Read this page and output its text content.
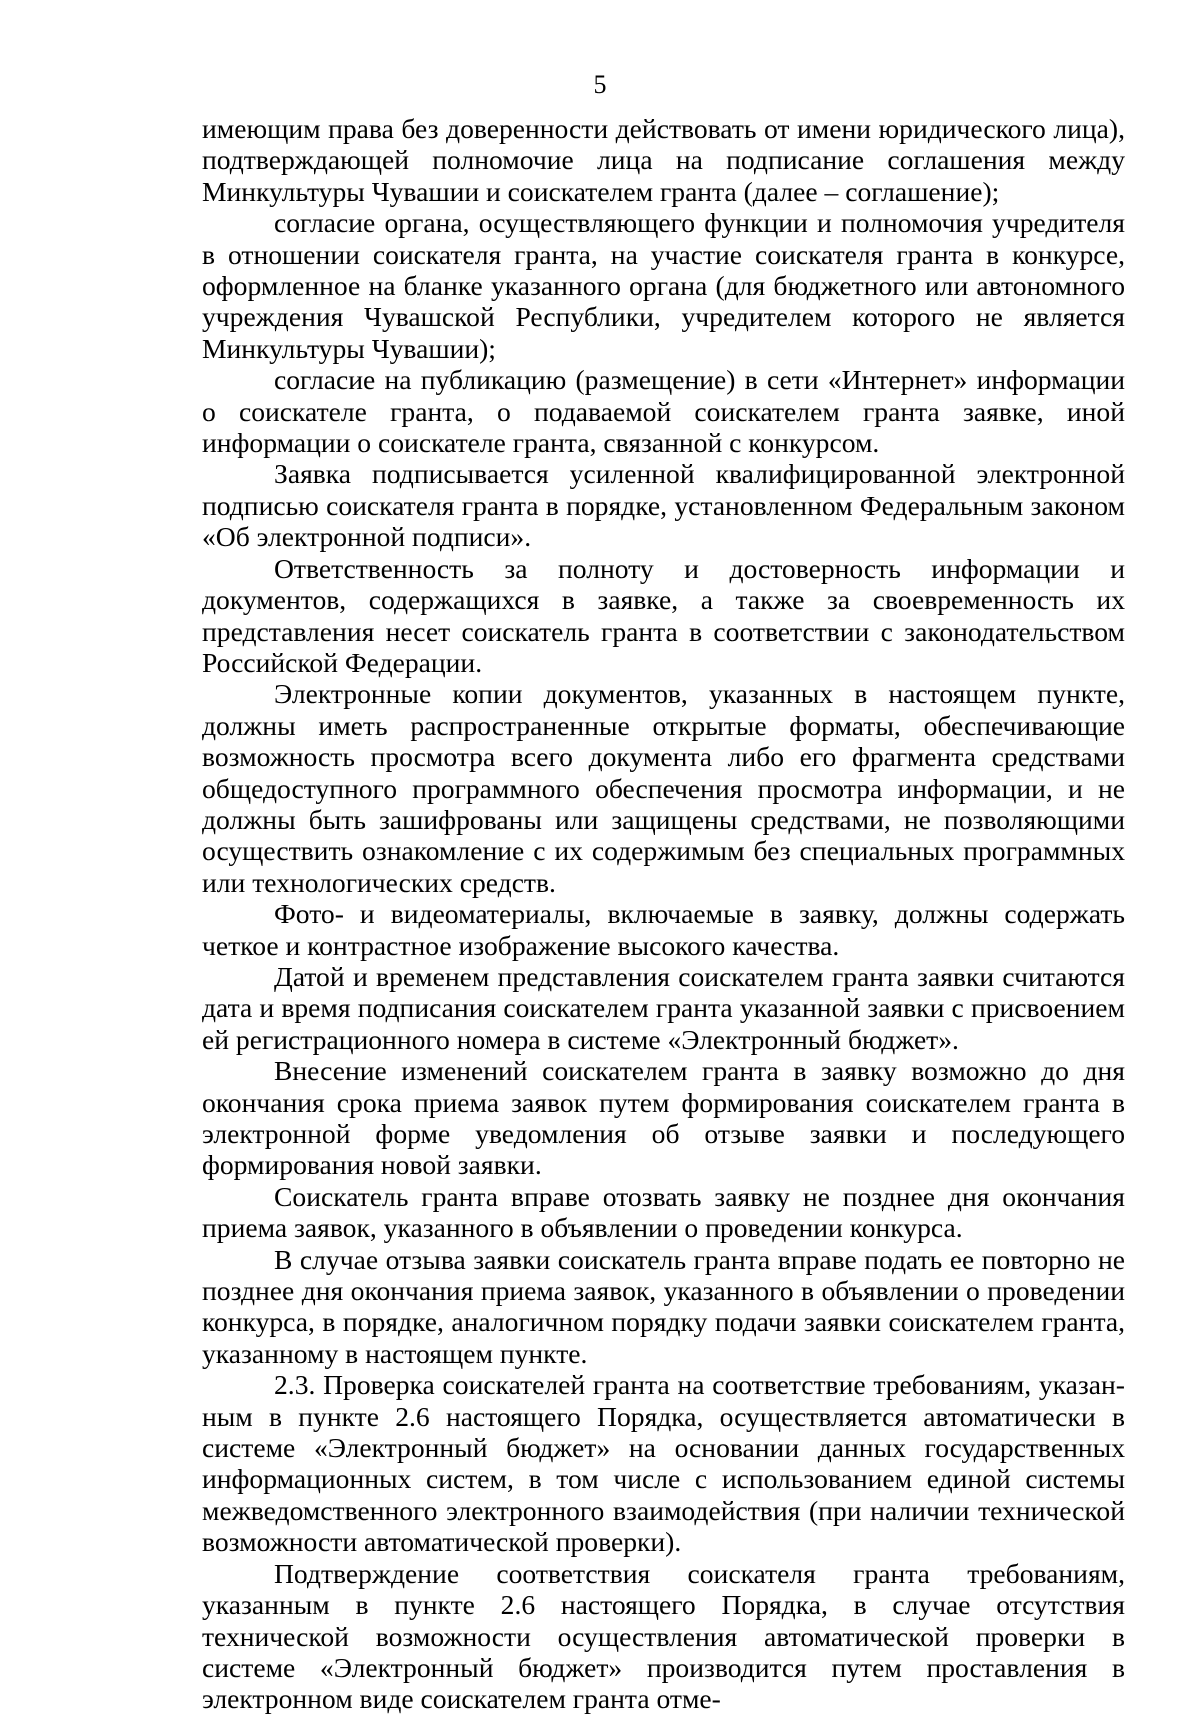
5

имеющим права без доверенности действовать от имени юридического лица), подтверждающей полномочие лица на подписание соглашения между Минкультуры Чувашии и соискателем гранта (далее – соглашение);

согласие органа, осуществляющего функции и полномочия учредителя в отношении соискателя гранта, на участие соискателя гранта в конкурсе, оформленное на бланке указанного органа (для бюджетного или автономного учреждения Чувашской Республики, учредителем которого не является Минкультуры Чувашии);

согласие на публикацию (размещение) в сети «Интернет» информации о соискателе гранта, о подаваемой соискателем гранта заявке, иной информации о соискателе гранта, связанной с конкурсом.

Заявка подписывается усиленной квалифицированной электронной подписью соискателя гранта в порядке, установленном Федеральным законом «Об электронной подписи».

Ответственность за полноту и достоверность информации и документов, содержащихся в заявке, а также за своевременность их представления несет соискатель гранта в соответствии с законодательством Российской Федерации.

Электронные копии документов, указанных в настоящем пункте, должны иметь распространенные открытые форматы, обеспечивающие возможность просмотра всего документа либо его фрагмента средствами общедоступного программного обеспечения просмотра информации, и не должны быть зашифрованы или защищены средствами, не позволяющими осуществить ознакомление с их содержимым без специальных программных или технологических средств.

Фото- и видеоматериалы, включаемые в заявку, должны содержать четкое и контрастное изображение высокого качества.

Датой и временем представления соискателем гранта заявки считаются дата и время подписания соискателем гранта указанной заявки с присвоением ей регистрационного номера в системе «Электронный бюджет».

Внесение изменений соискателем гранта в заявку возможно до дня окончания срока приема заявок путем формирования соискателем гранта в электронной форме уведомления об отзыве заявки и последующего формирования новой заявки.

Соискатель гранта вправе отозвать заявку не позднее дня окончания приема заявок, указанного в объявлении о проведении конкурса.

В случае отзыва заявки соискатель гранта вправе подать ее повторно не позднее дня окончания приема заявок, указанного в объявлении о проведении конкурса, в порядке, аналогичном порядку подачи заявки соискателем гранта, указанному в настоящем пункте.

2.3. Проверка соискателей гранта на соответствие требованиям, указанным в пункте 2.6 настоящего Порядка, осуществляется автоматически в системе «Электронный бюджет» на основании данных государственных информационных систем, в том числе с использованием единой системы межведомственного электронного взаимодействия (при наличии технической возможности автоматической проверки).

Подтверждение соответствия соискателя гранта требованиям, указанным в пункте 2.6 настоящего Порядка, в случае отсутствия технической возможности осуществления автоматической проверки в системе «Электронный бюджет» производится путем проставления в электронном виде соискателем гранта отме-
